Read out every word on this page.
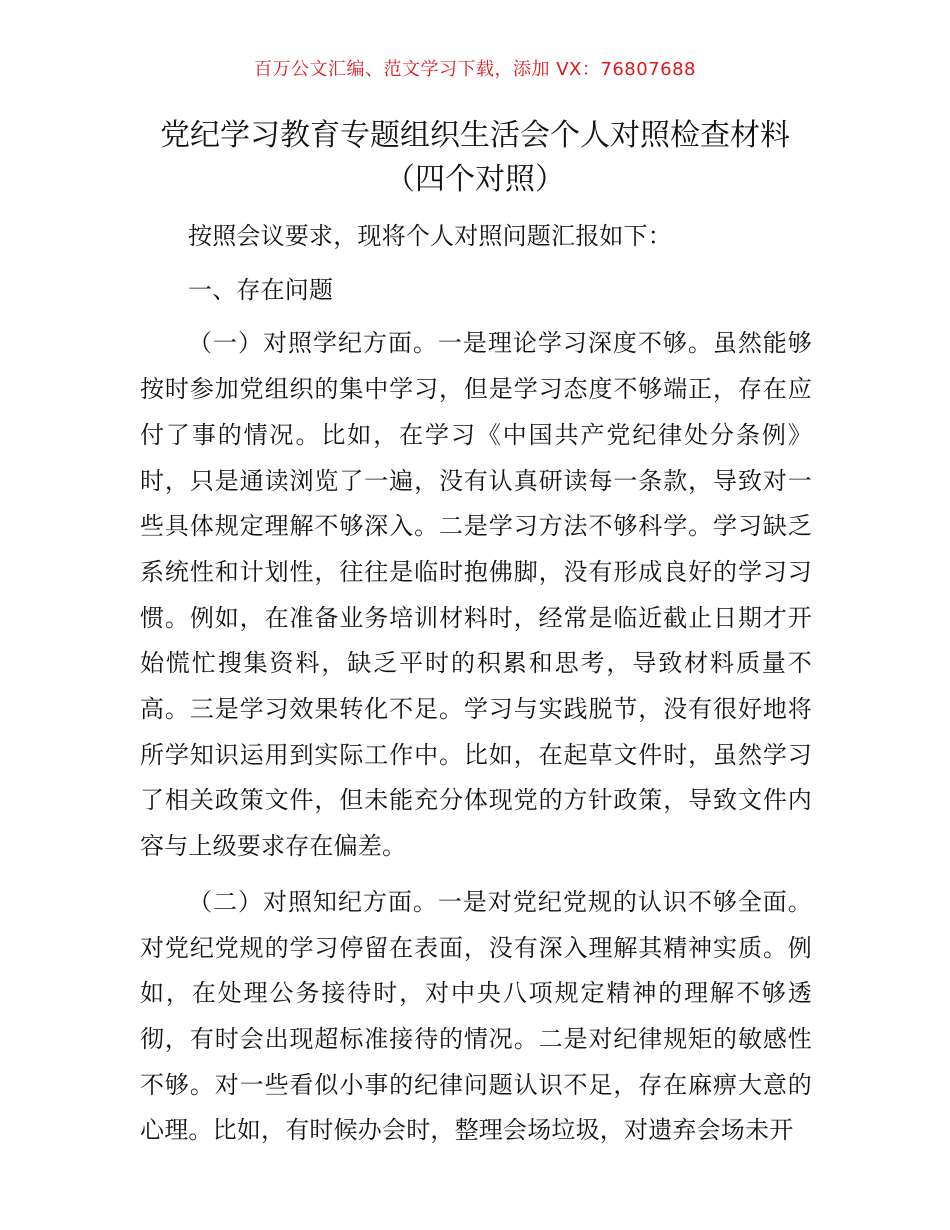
百万公文汇编、范文学习下载，添加 VX：76807688
党纪学习教育专题组织生活会个人对照检查材料（四个对照）

按照会议要求，现将个人对照问题汇报如下：

一、存在问题

（一）对照学纪方面。一是理论学习深度不够。虽然能够按时参加党组织的集中学习，但是学习态度不够端正，存在应付了事的情况。比如，在学习《中国共产党纪律处分条例》时，只是通读浏览了一遍，没有认真研读每一条款，导致对一些具体规定理解不够深入。二是学习方法不够科学。学习缺乏系统性和计划性，往往是临时抱佛脚，没有形成良好的学习习惯。例如，在准备业务培训材料时，经常是临近截止日期才开始慌忙搜集资料，缺乏平时的积累和思考，导致材料质量不高。三是学习效果转化不足。学习与实践脱节，没有很好地将所学知识运用到实际工作中。比如，在起草文件时，虽然学习了相关政策文件，但未能充分体现党的方针政策，导致文件内容与上级要求存在偏差。

（二）对照知纪方面。一是对党纪党规的认识不够全面。对党纪党规的学习停留在表面，没有深入理解其精神实质。例如，在处理公务接待时，对中央八项规定精神的理解不够透彻，有时会出现超标准接待的情况。二是对纪律规矩的敏感性不够。对一些看似小事的纪律问题认识不足，存在麻痹大意的心理。比如，有时候办会时，整理会场垃圾，对遗弃会场未开
